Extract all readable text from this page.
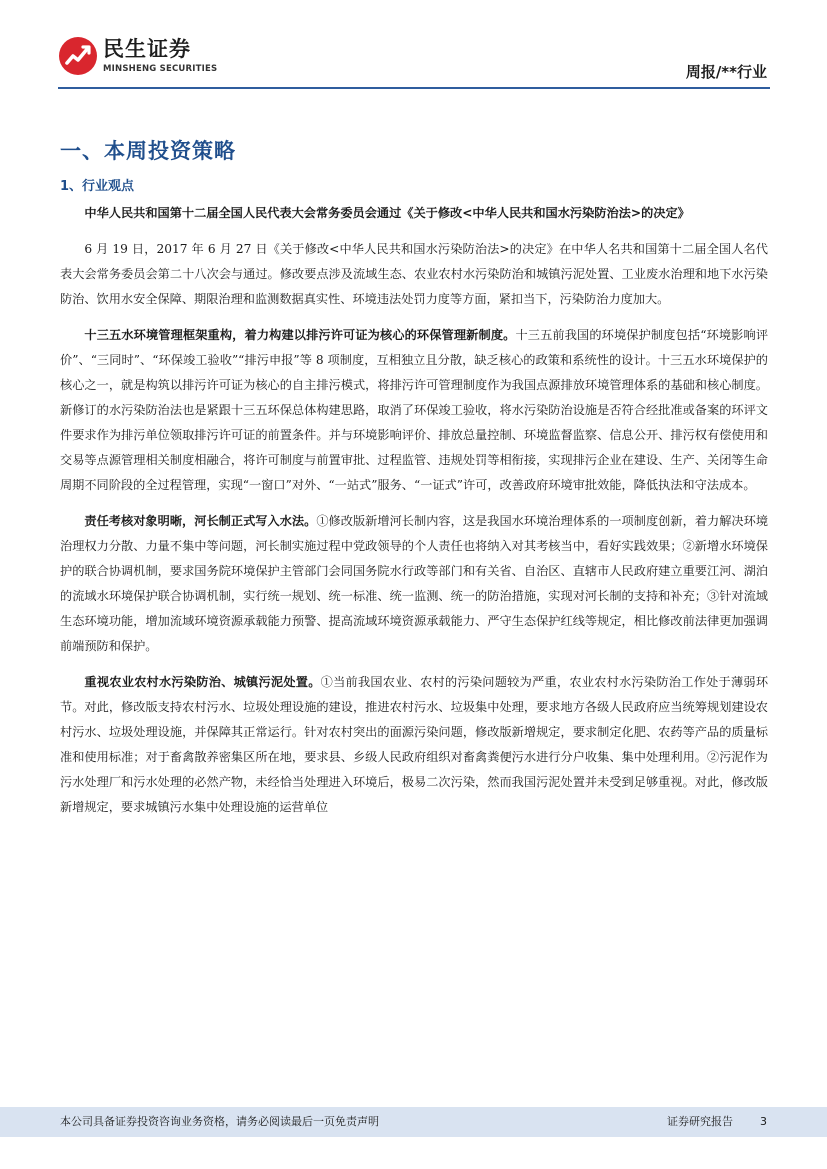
民生证券
MINSHENG SECURITIES	周报/**行业
一、本周投资策略
1、行业观点

中华人民共和国第十二届全国人民代表大会常务委员会通过《关于修改<中华人民共和国水污染防治法>的决定》

6 月 19 日，2017 年 6 月 27 日《关于修改<中华人民共和国水污染防治法>的决定》在中华人名共和国第十二届全国人名代表大会常务委员会第二十八次会与通过。修改要点涉及流域生态、农业农村水污染防治和城镇污泥处置、工业废水治理和地下水污染防治、饮用水安全保障、期限治理和监测数据真实性、环境违法处罚力度等方面，紧扣当下，污染防治力度加大。

十三五水环境管理框架重构，着力构建以排污许可证为核心的环保管理新制度。十三五前我国的环境保护制度包括“环境影响评价”、“三同时”、“环保竣工验收”“排污申报”等 8 项制度，互相独立且分散，缺乏核心的政策和系统性的设计。十三五水环境保护的核心之一，就是构筑以排污许可证为核心的自主排污模式，将排污许可管理制度作为我国点源排放环境管理体系的基础和核心制度。新修订的水污染防治法也是紧跟十三五环保总体构建思路，取消了环保竣工验收，将水污染防治设施是否符合经批准或备案的环评文件要求作为排污单位领取排污许可证的前置条件。并与环境影响评价、排放总量控制、环境监督监察、信息公开、排污权有偿使用和交易等点源管理相关制度相融合，将许可制度与前置审批、过程监管、违规处罚等相衔接，实现排污企业在建设、生产、关闭等生命周期不同阶段的全过程管理，实现“一窗口”对外、“一站式”服务、“一证式”许可，改善政府环境审批效能，降低执法和守法成本。

责任考核对象明晰，河长制正式写入水法。①修改版新增河长制内容，这是我国水环境治理体系的一项制度创新，着力解决环境治理权力分散、力量不集中等问题，河长制实施过程中党政领导的个人责任也将纳入对其考核当中，看好实践效果；②新增水环境保护的联合协调机制，要求国务院环境保护主管部门会同国务院水行政等部门和有关省、自治区、直辖市人民政府建立重要江河、湖泊的流域水环境保护联合协调机制，实行统一规划、统一标准、统一监测、统一的防治措施，实现对河长制的支持和补充；③针对流域生态环境功能，增加流域环境资源承载能力预警、提高流域环境资源承载能力、严守生态保护红线等规定，相比修改前法律更加强调前端预防和保护。

重视农业农村水污染防治、城镇污泥处置。①当前我国农业、农村的污染问题较为严重，农业农村水污染防治工作处于薄弱环节。对此，修改版支持农村污水、垃圾处理设施的建设，推进农村污水、垃圾集中处理，要求地方各级人民政府应当统筹规划建设农村污水、垃圾处理设施，并保障其正常运行。针对农村突出的面源污染问题，修改版新增规定，要求制定化肥、农药等产品的质量标准和使用标准；对于畜禽散养密集区所在地，要求县、乡级人民政府组织对畜禽粪便污水进行分户收集、集中处理利用。②污泥作为污水处理厂和污水处理的必然产物，未经恰当处理进入环境后，极易二次污染，然而我国污泥处置并未受到足够重视。对此，修改版新增规定，要求城镇污水集中处理设施的运营单位

本公司具备证券投资咨询业务资格，请务必阅读最后一页免责声明	证券研究报告 3
